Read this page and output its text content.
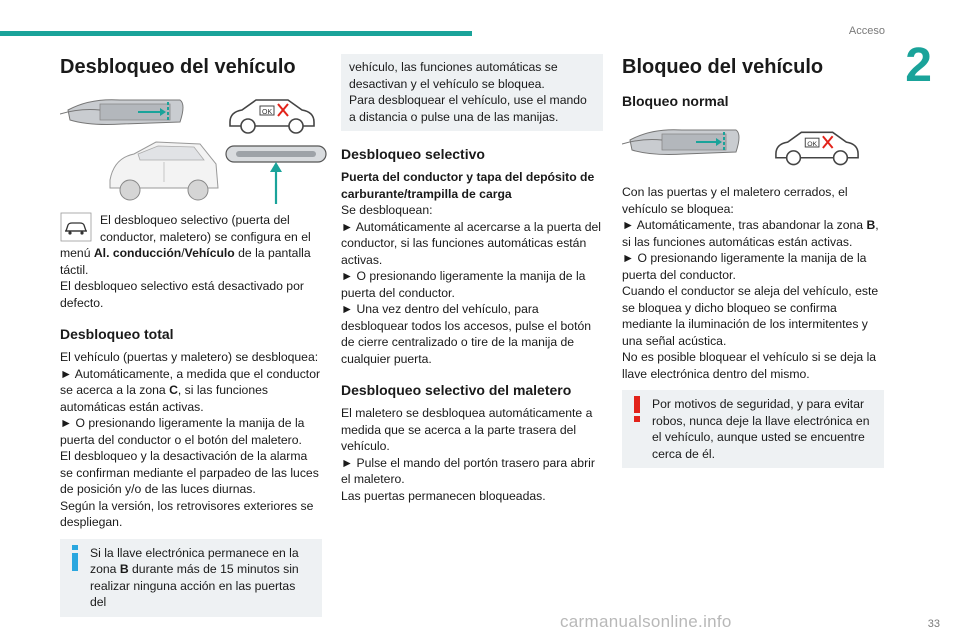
Acceso
2
Desbloqueo del vehículo
OK

El desbloqueo selectivo (puerta del conductor, maletero) se configura en el menú Al. conducción/Vehículo de la pantalla táctil.

El desbloqueo selectivo está desactivado por defecto.

Desbloqueo total

El vehículo (puertas y maletero) se desbloquea:

► Automáticamente, a medida que el conductor se acerca a la zona C, si las funciones automáticas están activas.

► O presionando ligeramente la manija de la puerta del conductor o el botón del maletero.

El desbloqueo y la desactivación de la alarma se confirman mediante el parpadeo de las luces de posición y/o de las luces diurnas.

Según la versión, los retrovisores exteriores se despliegan.

Si la llave electrónica permanece en la zona B durante más de 15 minutos sin realizar ninguna acción en las puertas del

vehículo, las funciones automáticas se desactivan y el vehículo se bloquea.

Para desbloquear el vehículo, use el mando a distancia o pulse una de las manijas.

Desbloqueo selectivo

Puerta del conductor y tapa del depósito de carburante/trampilla de carga

Se desbloquean:

► Automáticamente al acercarse a la puerta del conductor, si las funciones automáticas están activas.

► O presionando ligeramente la manija de la puerta del conductor.

► Una vez dentro del vehículo, para desbloquear todos los accesos, pulse el botón de cierre centralizado o tire de la manija de cualquier puerta.

Desbloqueo selectivo del maletero

El maletero se desbloquea automáticamente a medida que se acerca a la parte trasera del vehículo.

► Pulse el mando del portón trasero para abrir el maletero.

Las puertas permanecen bloqueadas.

Bloqueo del vehículo
Bloqueo normal
OK

Con las puertas y el maletero cerrados, el vehículo se bloquea:

► Automáticamente, tras abandonar la zona B, si las funciones automáticas están activas.

► O presionando ligeramente la manija de la puerta del conductor.

Cuando el conductor se aleja del vehículo, este se bloquea y dicho bloqueo se confirma mediante la iluminación de los intermitentes y una señal acústica.

No es posible bloquear el vehículo si se deja la llave electrónica dentro del mismo.

Por motivos de seguridad, y para evitar robos, nunca deje la llave electrónica en el vehículo, aunque usted se encuentre cerca de él.

carmanualsonline.info	33
